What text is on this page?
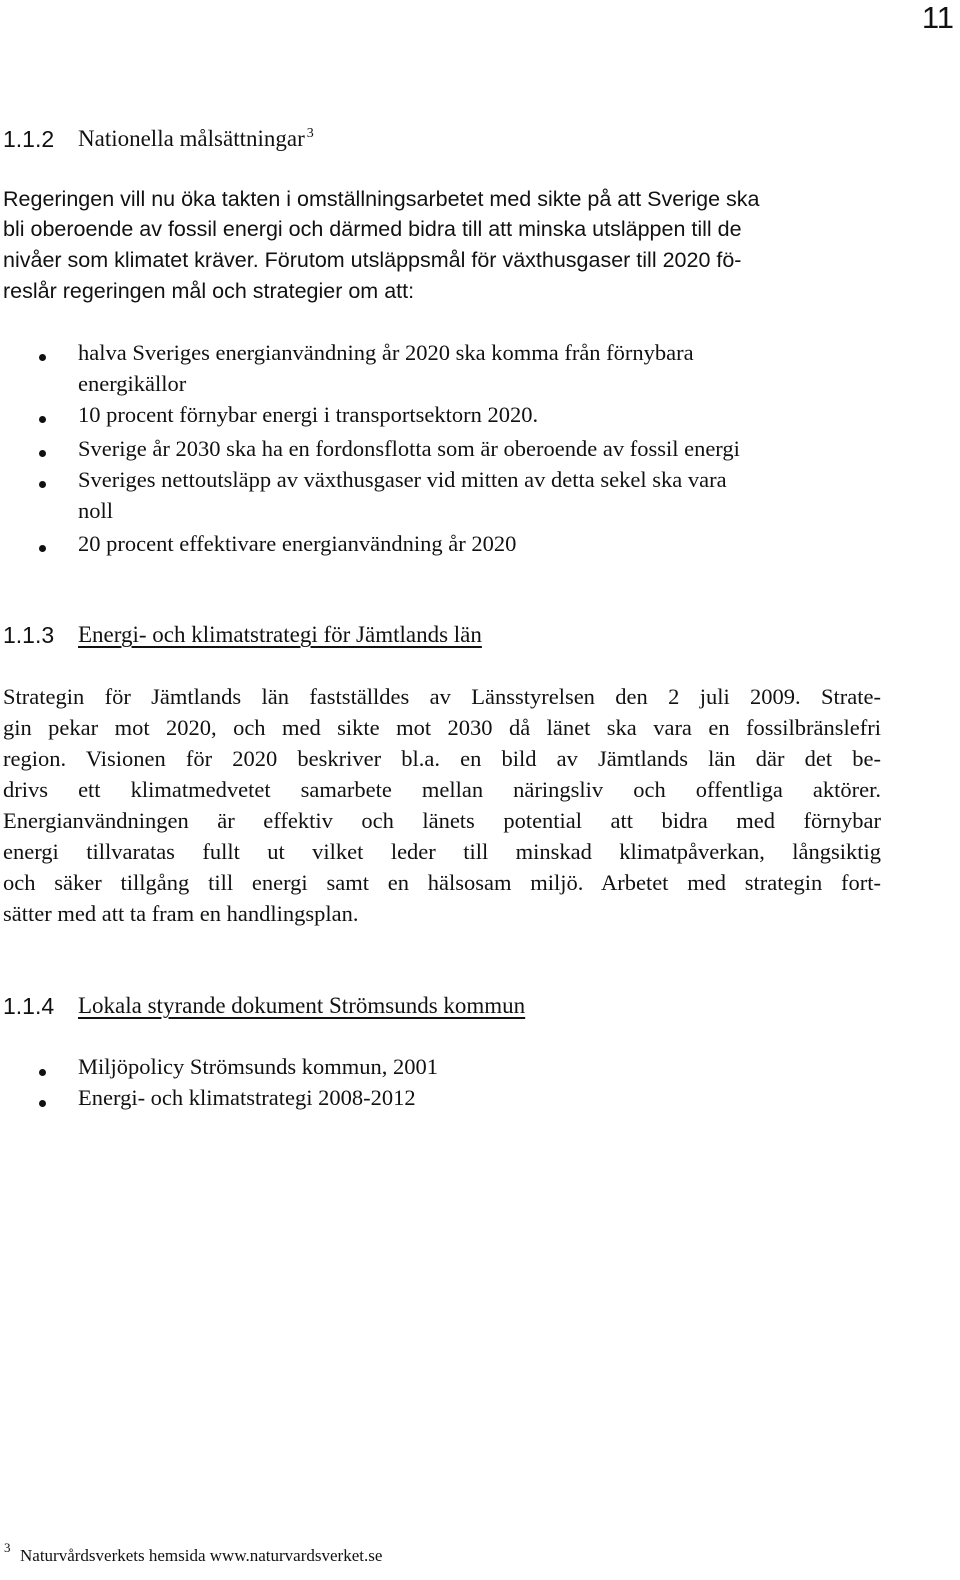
11
1.1.2 Nationella målsättningar $^3$
Regeringen vill nu öka takten i omställningsarbetet med sikte på att Sverige ska
bli oberoende av fossil energi och därmed bidra till att minska utsläppen till de
nivåer som klimatet kräver. Förutom utsläppsmål för växthusgaser till 2020 fö-
reslår regeringen mål och strategier om att:
halva Sveriges energianvändning år 2020 ska komma från förnybara
energikällor
10 procent förnybar energi i transportsektorn 2020.
Sverige år 2030 ska ha en fordonsflotta som är oberoende av fossil energi
Sveriges nettoutsläpp av växthusgaser vid mitten av detta sekel ska vara
noll
20 procent effektivare energianvändning år 2020
1.1.3 Energi- och klimatstrategi för Jämtlands län
Strategin för Jämtlands län fastställdes av Länsstyrelsen den 2 juli 2009. Strate-
gin pekar mot 2020, och med sikte mot 2030 då länet ska vara en fossilbränslefri
region. Visionen för 2020 beskriver bl.a. en bild av Jämtlands län där det be-
drivs ett klimatmedvetet samarbete mellan näringsliv och offentliga aktörer.
Energianvändningen är effektiv och länets potential att bidra med förnybar
energi tillvaratas fullt ut vilket leder till minskad klimatpåverkan, långsiktig
och säker tillgång till energi samt en hälsosam miljö. Arbetet med strategin fort-
sätter med att ta fram en handlingsplan.
1.1.4 Lokala styrande dokument Strömsunds kommun
Miljöpolicy Strömsunds kommun, 2001
Energi- och klimatstrategi 2008-2012
3 Naturvårdsverkets hemsida www.naturvardsverket.se
